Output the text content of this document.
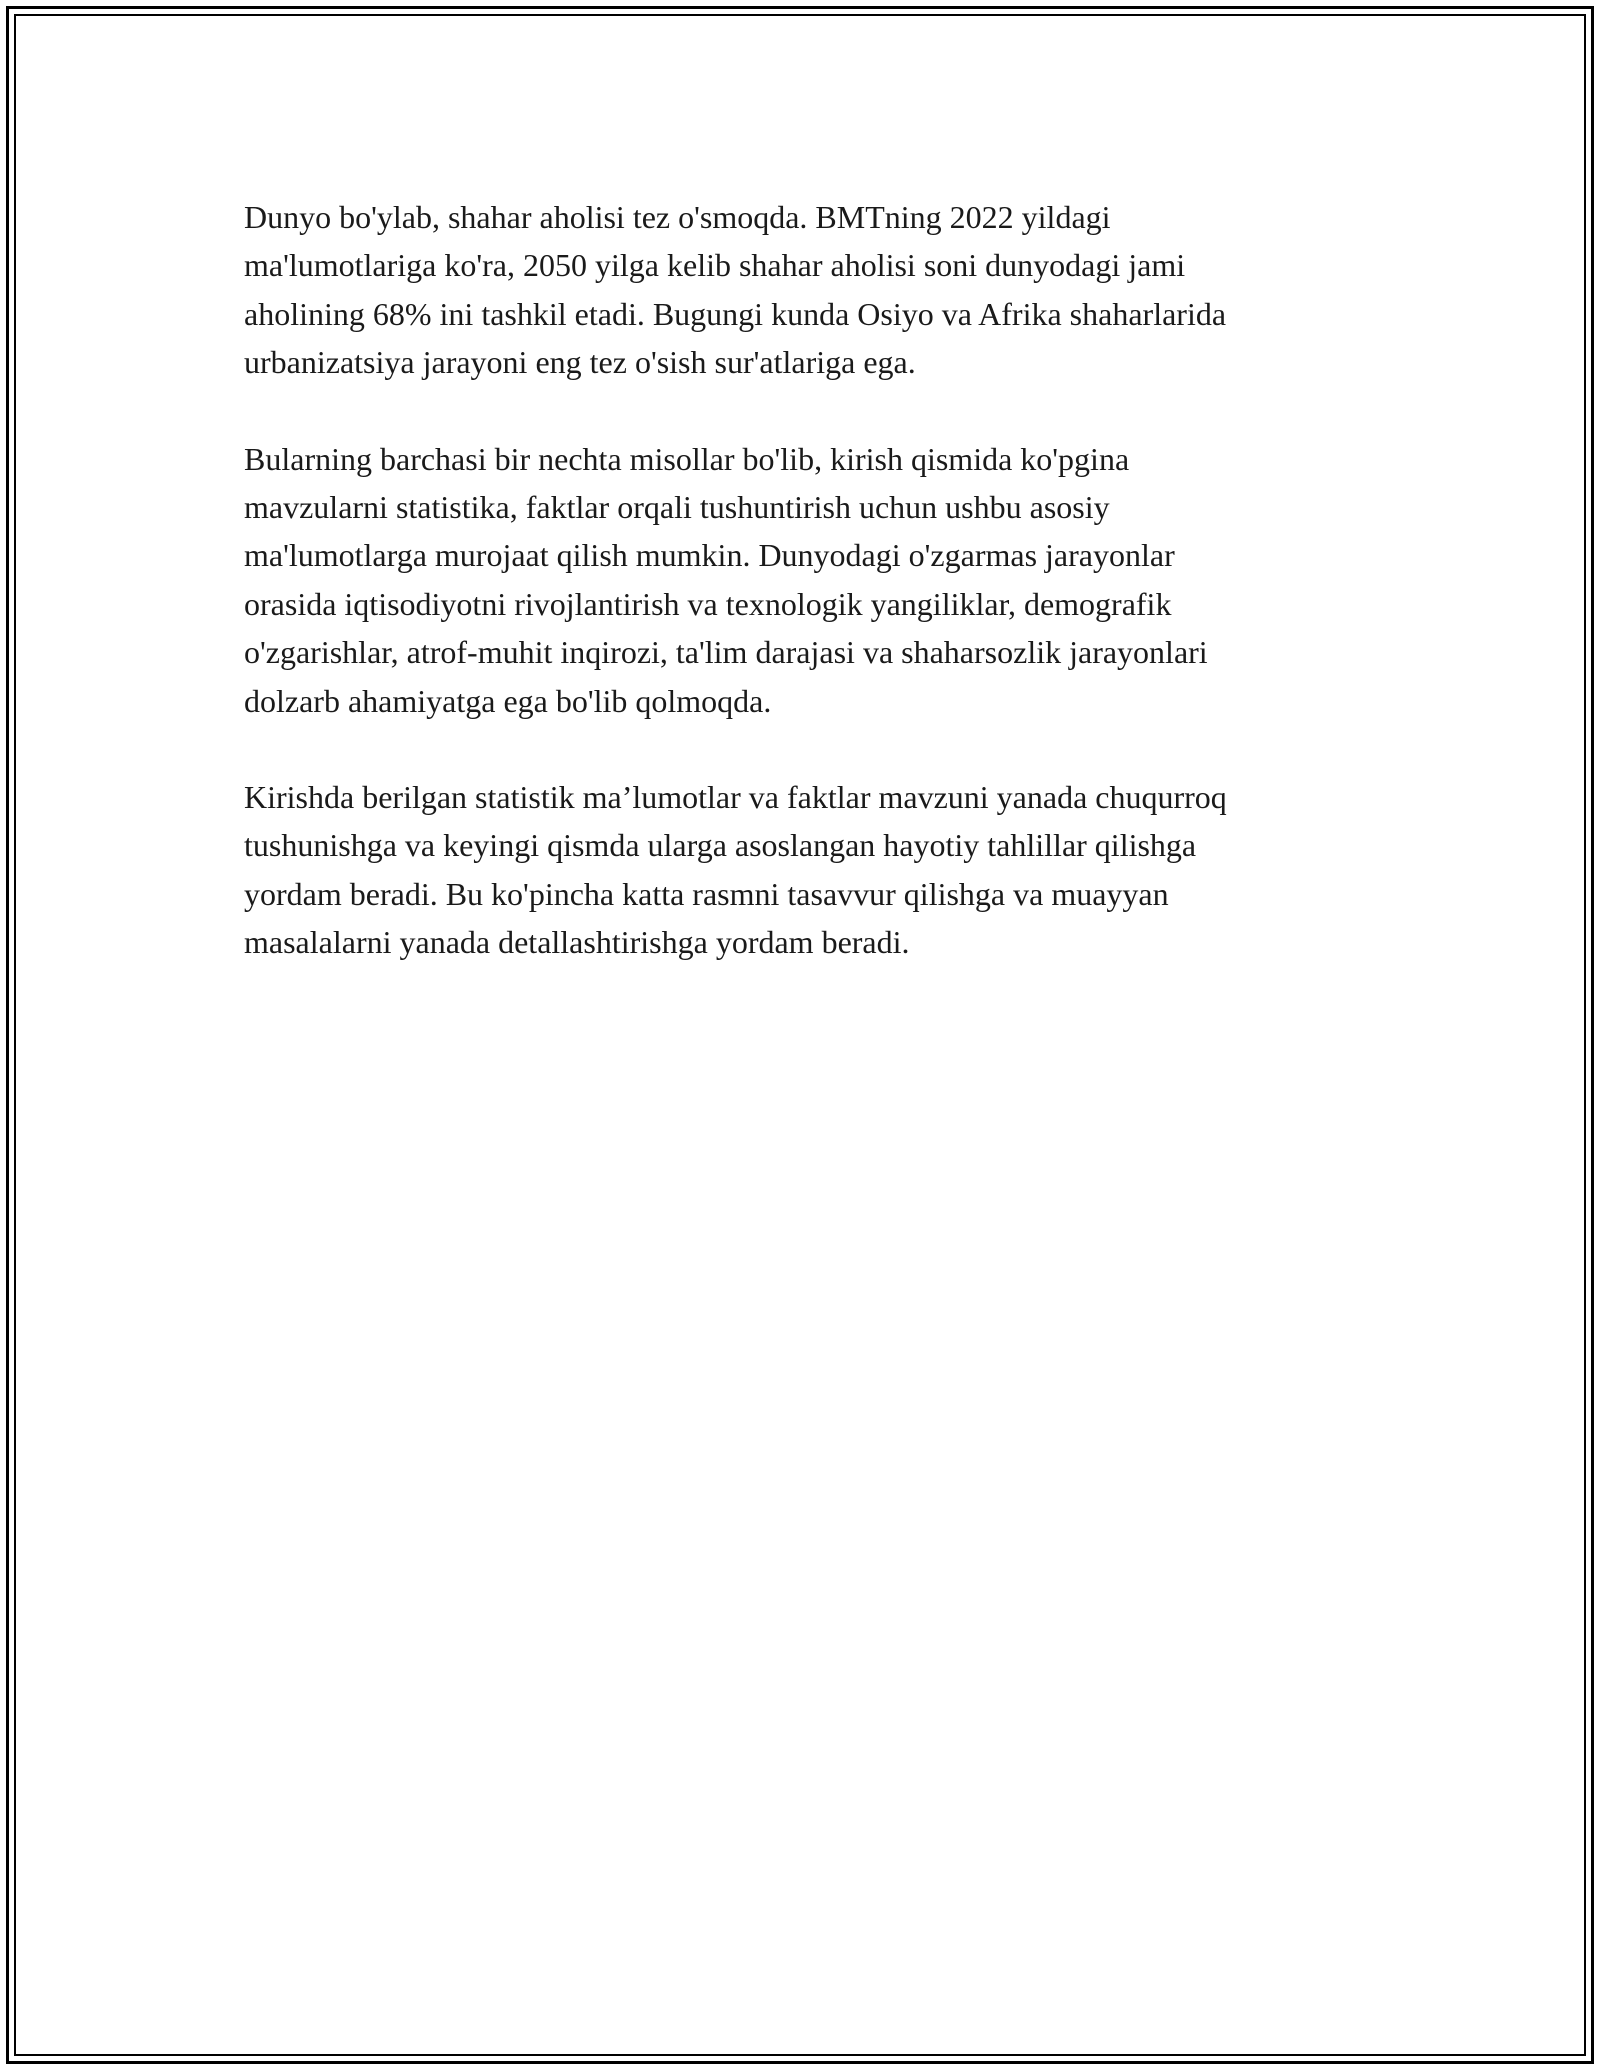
Dunyo bo'ylab, shahar aholisi tez o'smoqda. BMTning 2022 yildagi
ma'lumotlariga ko'ra, 2050 yilga kelib shahar aholisi soni dunyodagi jami
aholining 68% ini tashkil etadi. Bugungi kunda Osiyo va Afrika shaharlarida
urbanizatsiya jarayoni eng tez o'sish sur'atlariga ega.

Bularning barchasi bir nechta misollar bo'lib, kirish qismida ko'pgina
mavzularni statistika, faktlar orqali tushuntirish uchun ushbu asosiy
ma'lumotlarga murojaat qilish mumkin. Dunyodagi o'zgarmas jarayonlar
orasida iqtisodiyotni rivojlantirish va texnologik yangiliklar, demografik
o'zgarishlar, atrof-muhit inqirozi, ta'lim darajasi va shaharsozlik jarayonlari
dolzarb ahamiyatga ega bo'lib qolmoqda.

Kirishda berilgan statistik ma’lumotlar va faktlar mavzuni yanada chuqurroq
tushunishga va keyingi qismda ularga asoslangan hayotiy tahlillar qilishga
yordam beradi. Bu ko'pincha katta rasmni tasavvur qilishga va muayyan
masalalarni yanada detallashtirishga yordam beradi.
